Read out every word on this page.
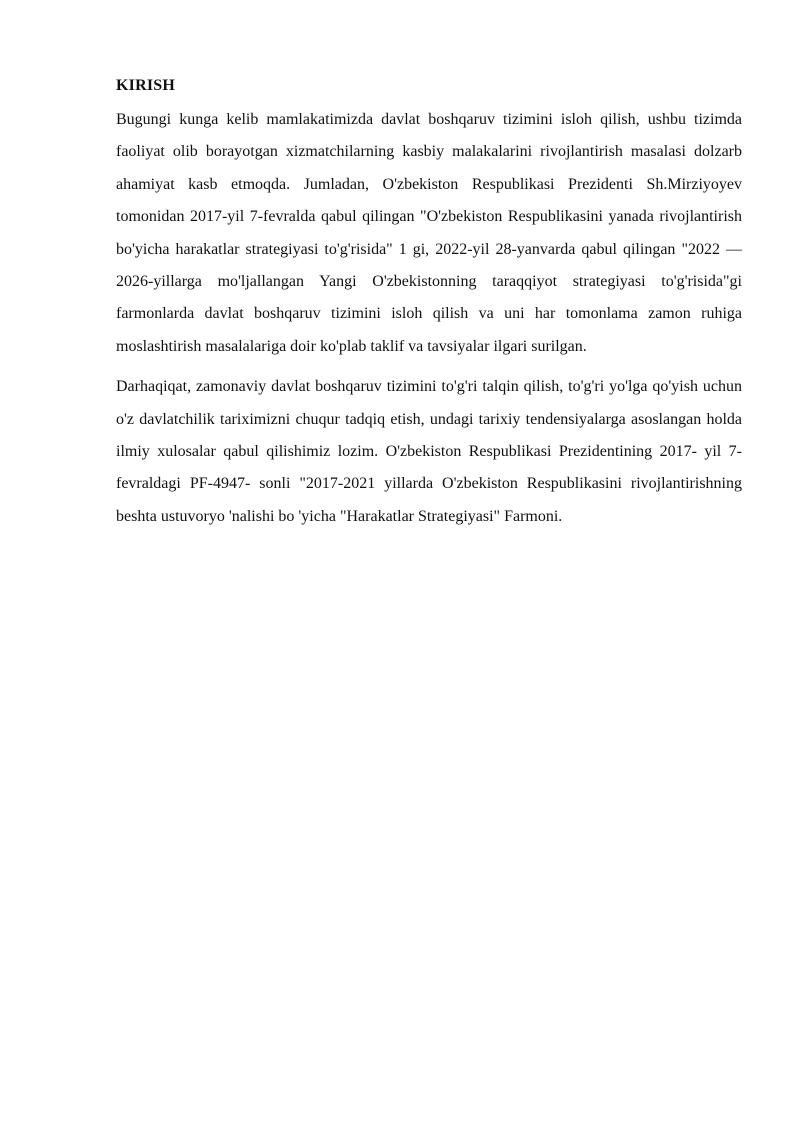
KIRISH

Bugungi kunga kelib mamlakatimizda davlat boshqaruv tizimini isloh qilish, ushbu tizimda faoliyat olib borayotgan xizmatchilarning kasbiy malakalarini rivojlantirish masalasi dolzarb ahamiyat kasb etmoqda. Jumladan, O'zbekiston Respublikasi Prezidenti Sh.Mirziyoyev tomonidan 2017-yil 7-fevralda qabul qilingan "O'zbekiston Respublikasini yanada rivojlantirish bo'yicha harakatlar strategiyasi to'g'risida" 1 gi, 2022-yil 28-yanvarda qabul qilingan "2022 — 2026-yillarga mo'ljallangan Yangi O'zbekistonning taraqqiyot strategiyasi to'g'risida"gi farmonlarda davlat boshqaruv tizimini isloh qilish va uni har tomonlama zamon ruhiga moslashtirish masalalariga doir ko'plab taklif va tavsiyalar ilgari surilgan.

Darhaqiqat, zamonaviy davlat boshqaruv tizimini to'g'ri talqin qilish, to'g'ri yo'lga qo'yish uchun o'z davlatchilik tariximizni chuqur tadqiq etish, undagi tarixiy tendensiyalarga asoslangan holda ilmiy xulosalar qabul qilishimiz lozim. O'zbekiston Respublikasi Prezidentining 2017- yil 7- fevraldagi PF-4947- sonli "2017-2021 yillarda O'zbekiston Respublikasini rivojlantirishning beshta ustuvoryo 'nalishi bo 'yicha "Harakatlar Strategiyasi" Farmoni.
